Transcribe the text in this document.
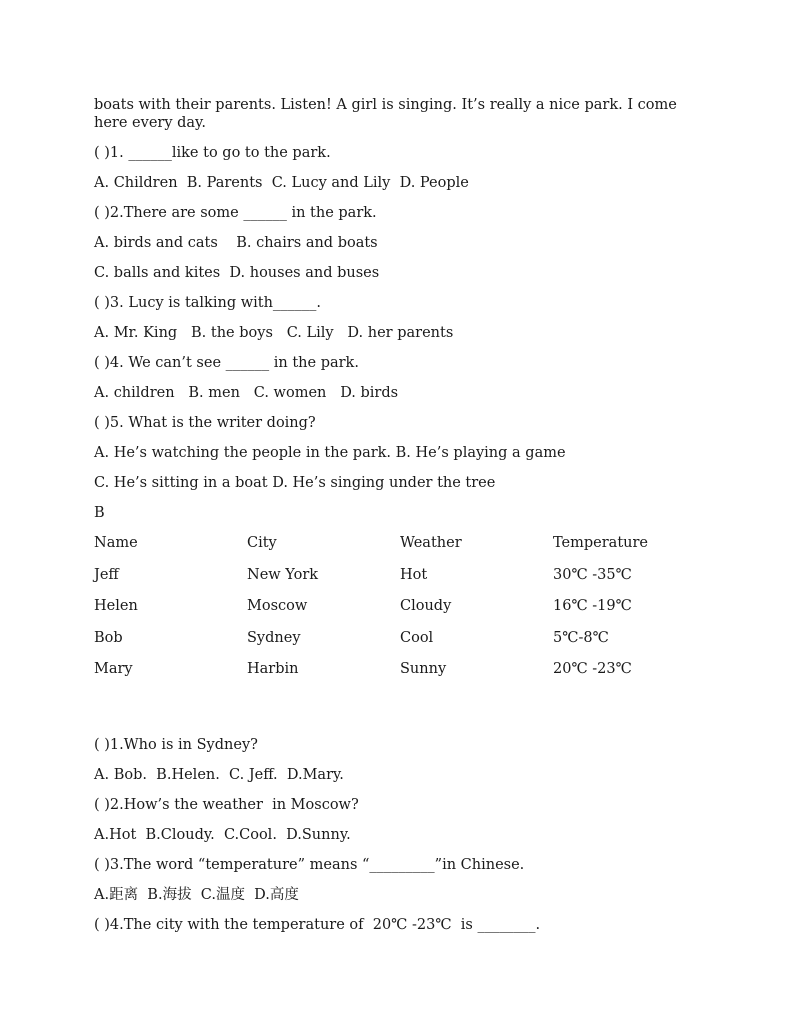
boats with their parents. Listen! A girl is singing. It’s really a nice park. I come here every day.

( )1. ______like to go to the park.
A. Children  B. Parents  C. Lucy and Lily  D. People
( )2.There are some ______ in the park.
A. birds and cats    B. chairs and boats
C. balls and kites  D. houses and buses
( )3. Lucy is talking with______.
A. Mr. King   B. the boys   C. Lily   D. her parents
( )4. We can’t see ______ in the park.
A. children   B. men   C. women   D. birds
( )5. What is the writer doing?
A. He’s watching the people in the park. B. He’s playing a game
C. He’s sitting in a boat D. He’s singing under the tree
B
Name	City	Weather	Temperature
Jeff	New York	Hot	30℃ -35℃
Helen	Moscow	Cloudy	16℃ -19℃
Bob	Sydney	Cool	5℃-8℃
Mary	Harbin	Sunny	20℃ -23℃
( )1.Who is in Sydney?
A. Bob.  B.Helen.  C. Jeff.  D.Mary.
( )2.How’s the weather  in Moscow?
A.Hot  B.Cloudy.  C.Cool.  D.Sunny.
( )3.The word “temperature” means “_________”in Chinese.
A.距离  B.海拔  C.温度  D.高度
( )4.The city with the temperature of  20℃ -23℃  is ________.
